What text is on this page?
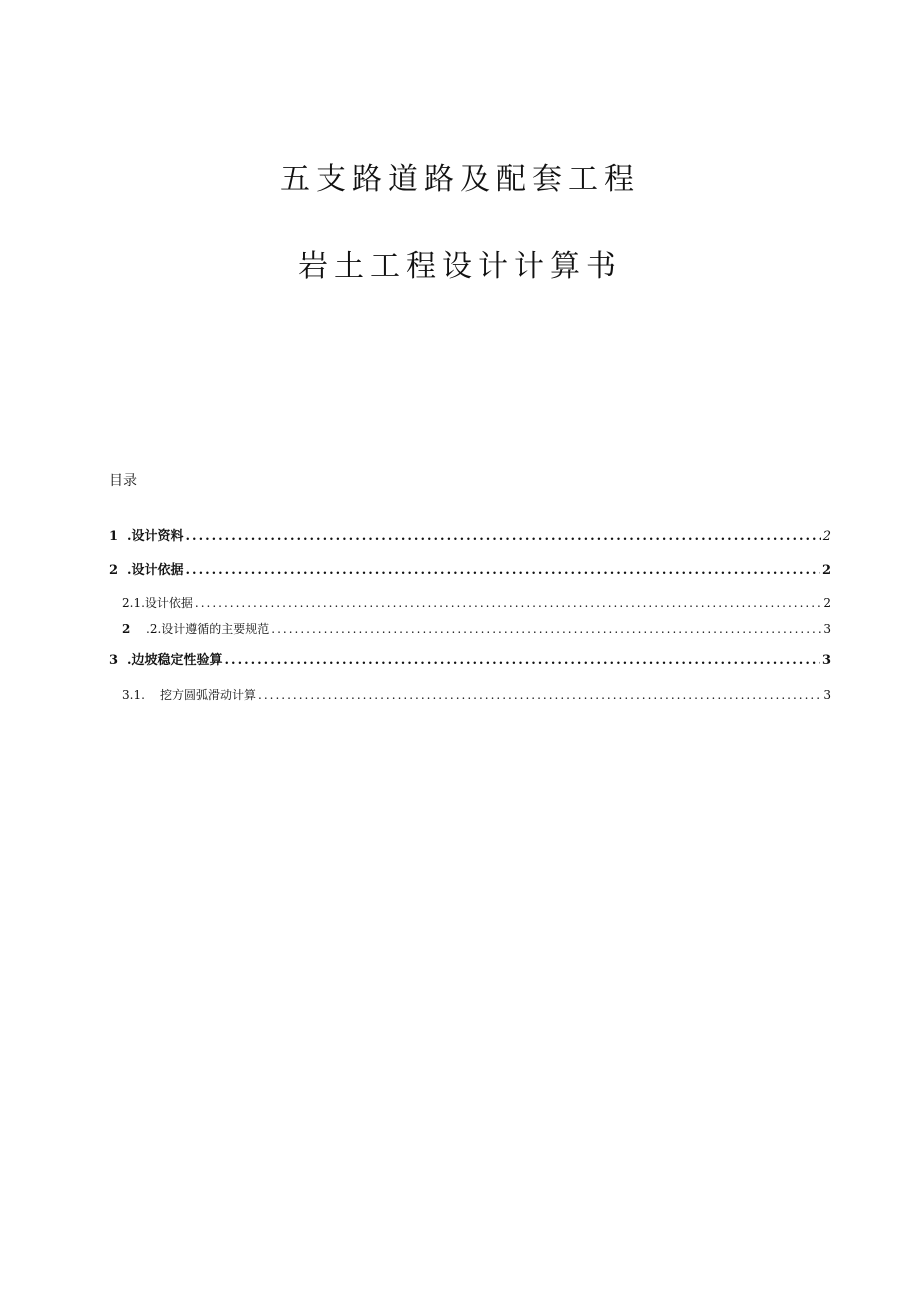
五支路道路及配套工程
岩土工程设计计算书

目录

1 .设计资料 .....	2
2 .设计依据 .....	2
2.1.设计依据 .....	2
2	.2.设计遵循的主要规范 .....	3
3 .边坡稳定性验算 .....	3
3.1.	挖方圆弧滑动计算 .....	3
